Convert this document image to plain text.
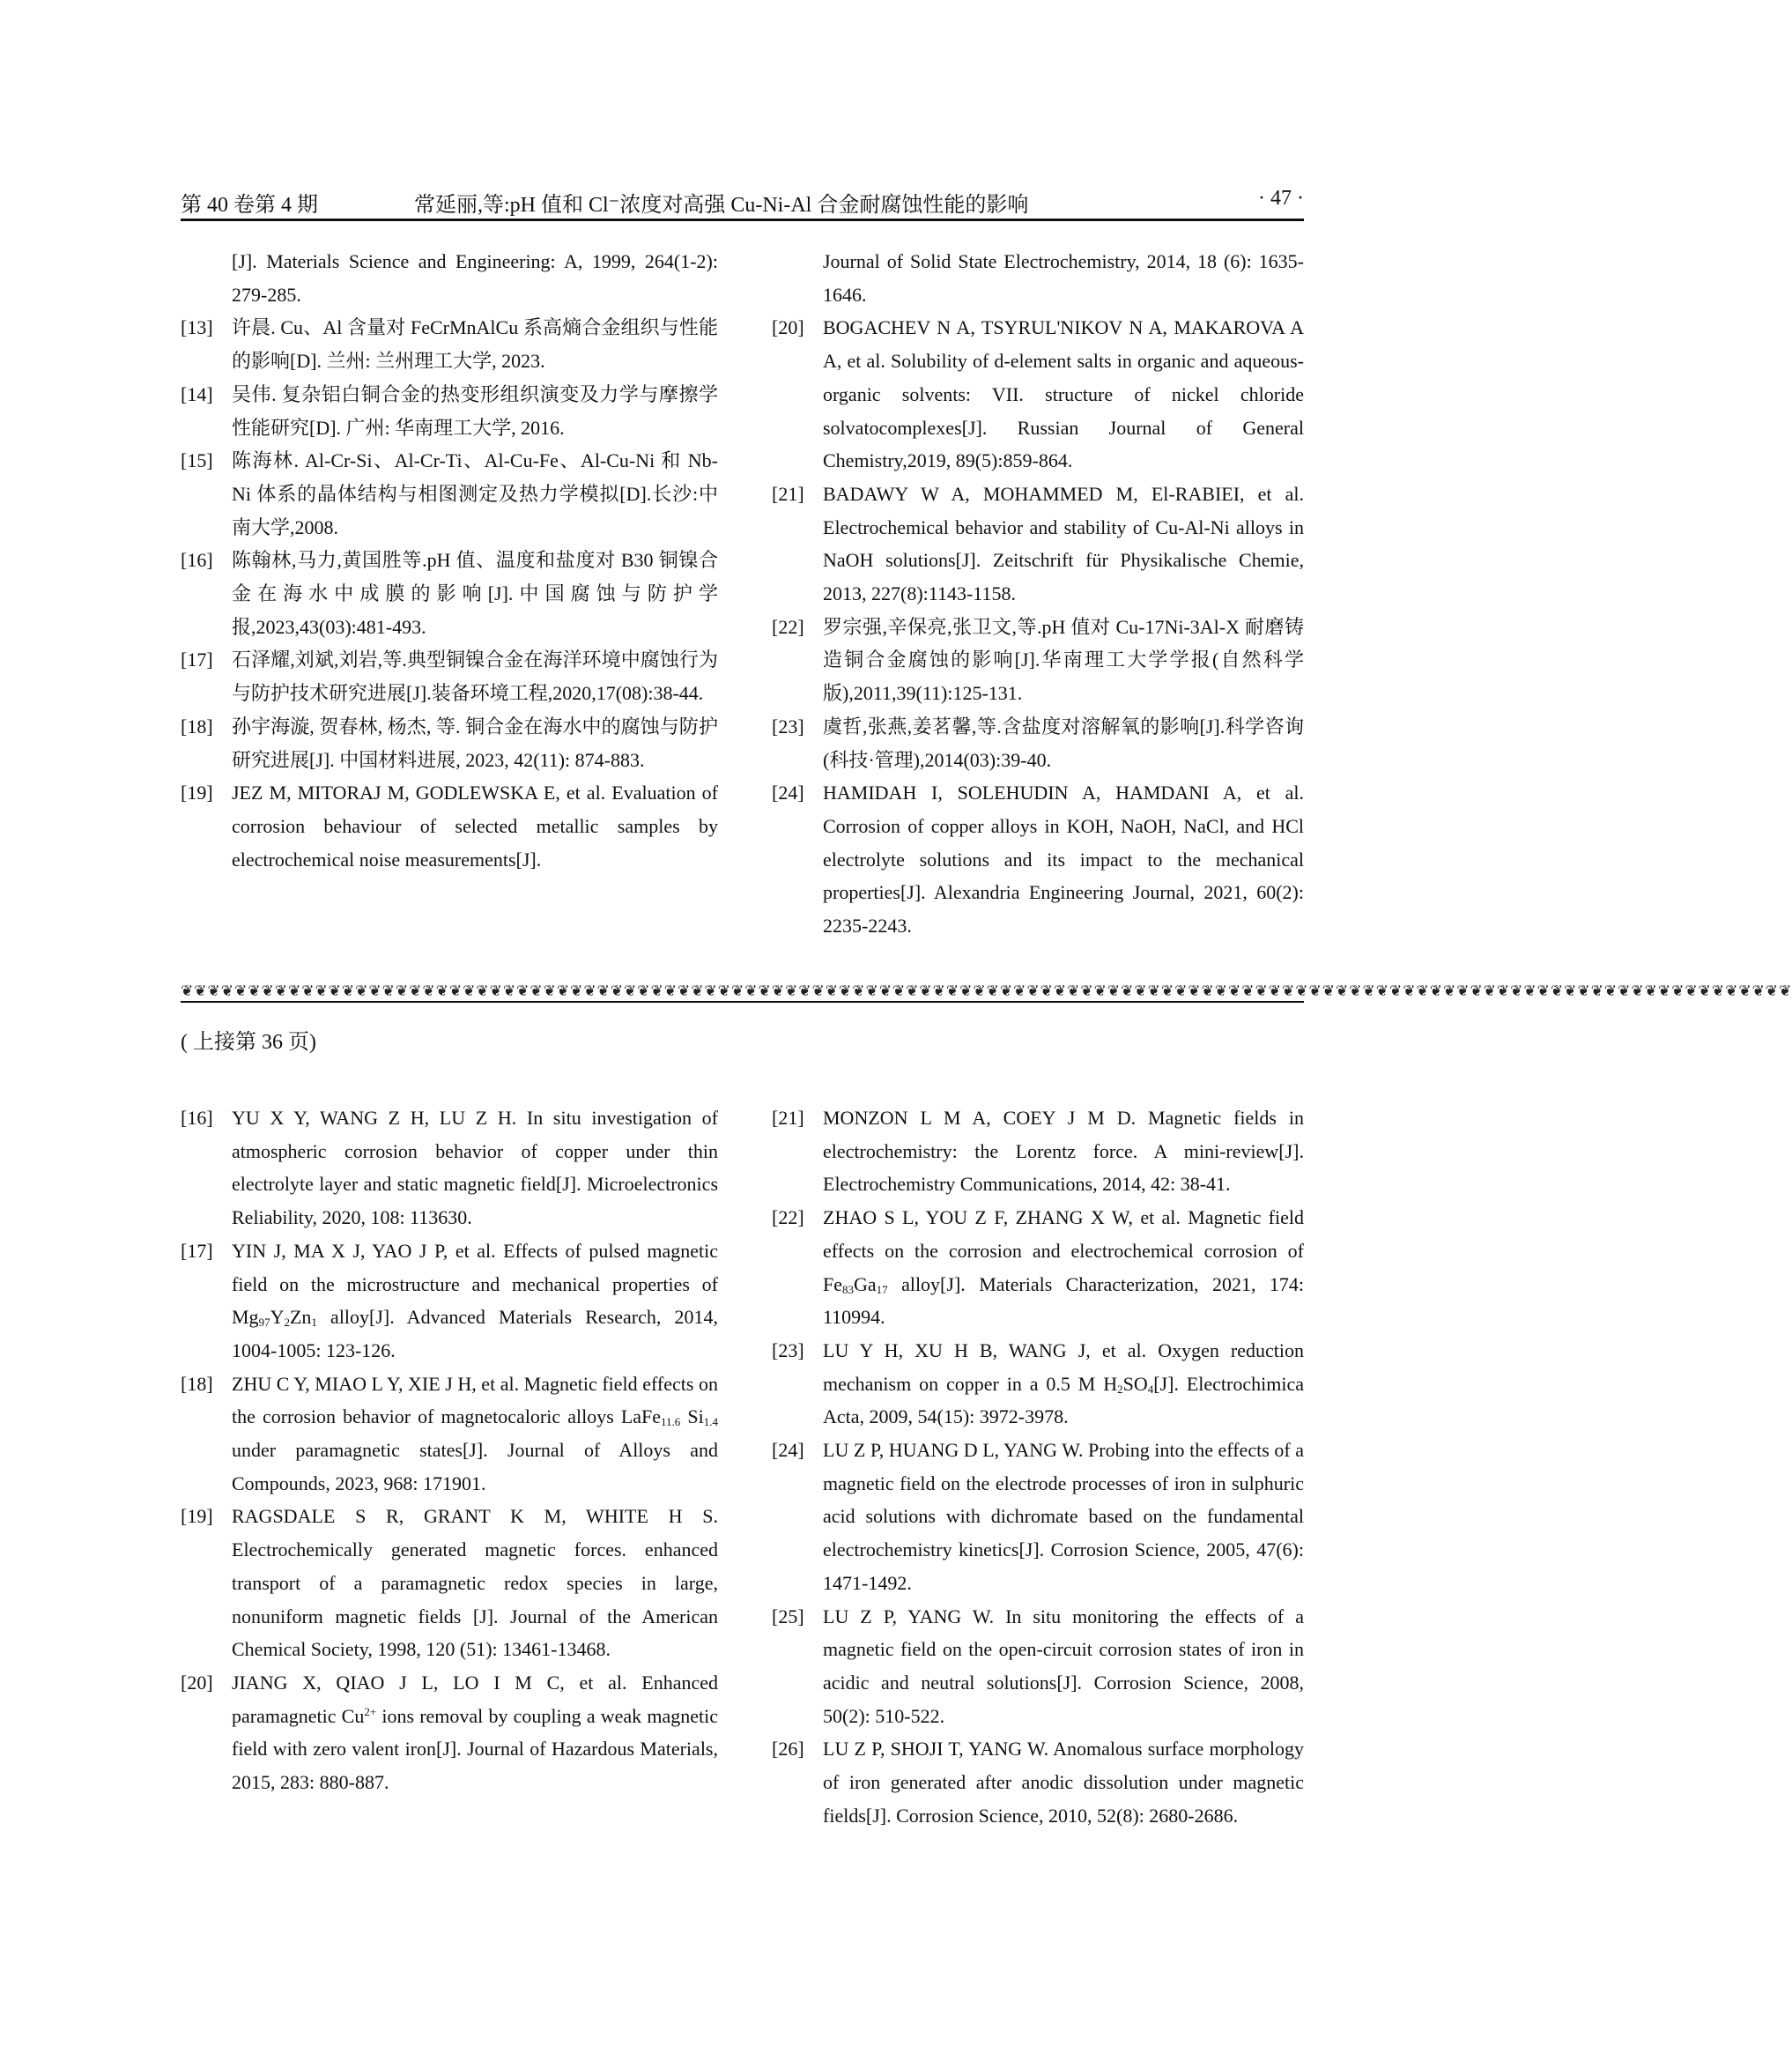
第 40 卷第 4 期	常延丽,等:pH 值和 Cl⁻浓度对高强 Cu-Ni-Al 合金耐腐蚀性能的影响	· 47 ·
[J]. Materials Science and Engineering: A, 1999, 264(1-2): 279-285.
[13] 许晨. Cu、Al 含量对 FeCrMnAlCu 系高熵合金组织与性能的影响[D]. 兰州: 兰州理工大学, 2023.
[14] 吴伟. 复杂铝白铜合金的热变形组织演变及力学与摩擦学性能研究[D]. 广州: 华南理工大学, 2016.
[15] 陈海林. Al-Cr-Si、Al-Cr-Ti、Al-Cu-Fe、Al-Cu-Ni 和 Nb-Ni 体系的晶体结构与相图测定及热力学模拟[D].长沙:中南大学,2008.
[16] 陈翰林,马力,黄国胜等.pH 值、温度和盐度对 B30 铜镍合金在海水中成膜的影响[J].中国腐蚀与防护学报,2023,43(03):481-493.
[17] 石泽耀,刘斌,刘岩,等.典型铜镍合金在海洋环境中腐蚀行为与防护技术研究进展[J].装备环境工程,2020,17(08):38-44.
[18] 孙宇海漩, 贺春林, 杨杰, 等. 铜合金在海水中的腐蚀与防护研究进展[J]. 中国材料进展, 2023, 42(11): 874-883.
[19] JEZ M, MITORAJ M, GODLEWSKA E, et al. Evaluation of corrosion behaviour of selected metallic samples by electrochemical noise measurements[J].
Journal of Solid State Electrochemistry, 2014, 18 (6): 1635-1646.
[20] BOGACHEV N A, TSYRUL'NIKOV N A, MAKAROVA A A, et al. Solubility of d-element salts in organic and aqueous-organic solvents: VII. structure of nickel chloride solvatocomplexes[J]. Russian Journal of General Chemistry,2019, 89(5):859-864.
[21] BADAWY W A, MOHAMMED M, El-RABIEI, et al. Electrochemical behavior and stability of Cu-Al-Ni alloys in NaOH solutions[J]. Zeitschrift für Physikalische Chemie, 2013, 227(8):1143-1158.
[22] 罗宗强,辛保亮,张卫文,等.pH 值对 Cu-17Ni-3Al-X 耐磨铸造铜合金腐蚀的影响[J].华南理工大学学报(自然科学版),2011,39(11):125-131.
[23] 虞哲,张燕,姜茗馨,等.含盐度对溶解氧的影响[J].科学咨询(科技·管理),2014(03):39-40.
[24] HAMIDAH I, SOLEHUDIN A, HAMDANI A, et al. Corrosion of copper alloys in KOH, NaOH, NaCl, and HCl electrolyte solutions and its impact to the mechanical properties[J]. Alexandria Engineering Journal, 2021, 60(2): 2235-2243.
❦❦❦❦❦❦❦❦❦❦❦❦❦❦❦❦❦❦❦❦❦❦❦❦❦❦❦❦❦❦❦❦❦❦❦❦❦❦❦❦❦❦❦❦❦❦❦❦❦❦❦❦❦❦❦❦❦❦❦❦❦❦❦❦❦❦❦❦❦❦❦❦❦❦❦❦❦❦❦❦❦❦❦❦❦❦❦❦❦❦❦❦❦❦❦❦❦❦❦❦❦❦❦❦❦❦❦❦❦❦❦❦❦❦❦❦❦❦❦❦
( 上接第 36 页)
[16] YU X Y, WANG Z H, LU Z H. In situ investigation of atmospheric corrosion behavior of copper under thin electrolyte layer and static magnetic field[J]. Microelectronics Reliability, 2020, 108: 113630.
[17] YIN J, MA X J, YAO J P, et al. Effects of pulsed magnetic field on the microstructure and mechanical properties of $Mg_{97}Y_2Zn_1$ alloy[J]. Advanced Materials Research, 2014, 1004-1005: 123-126.
[18] ZHU C Y, MIAO L Y, XIE J H, et al. Magnetic field effects on the corrosion behavior of magnetocaloric alloys LaFe$_{11.6}$ $Si_{1.4}$ under paramagnetic states[J]. Journal of Alloys and Compounds, 2023, 968: 171901.
[19] RAGSDALE S R, GRANT K M, WHITE H S. Electrochemically generated magnetic forces. enhanced transport of a paramagnetic redox species in large, nonuniform magnetic fields [J]. Journal of the American Chemical Society, 1998, 120 (51): 13461-13468.
[20] JIANG X, QIAO J L, LO I M C, et al. Enhanced paramagnetic $Cu^{2+}$ ions removal by coupling a weak magnetic field with zero valent iron[J]. Journal of Hazardous Materials, 2015, 283: 880-887.
[21] MONZON L M A, COEY J M D. Magnetic fields in electrochemistry: the Lorentz force. A mini-review[J]. Electrochemistry Communications, 2014, 42: 38-41.
[22] ZHAO S L, YOU Z F, ZHANG X W, et al. Magnetic field effects on the corrosion and electrochemical corrosion of $Fe_{83}Ga_{17}$ alloy[J]. Materials Characterization, 2021, 174: 110994.
[23] LU Y H, XU H B, WANG J, et al. Oxygen reduction mechanism on copper in a 0.5 M $H_2SO_4[J]$. Electrochimica Acta, 2009, 54(15): 3972-3978.
[24] LU Z P, HUANG D L, YANG W. Probing into the effects of a magnetic field on the electrode processes of iron in sulphuric acid solutions with dichromate based on the fundamental electrochemistry kinetics[J]. Corrosion Science, 2005, 47(6): 1471-1492.
[25] LU Z P, YANG W. In situ monitoring the effects of a magnetic field on the open-circuit corrosion states of iron in acidic and neutral solutions[J]. Corrosion Science, 2008, 50(2): 510-522.
[26] LU Z P, SHOJI T, YANG W. Anomalous surface morphology of iron generated after anodic dissolution under magnetic fields[J]. Corrosion Science, 2010, 52(8): 2680-2686.
